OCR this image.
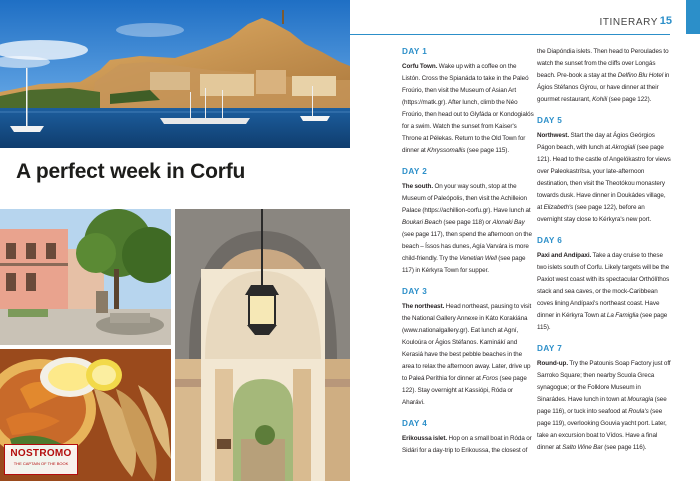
A perfect week in Corfu
NOSTROMO
THE CAPTAIN OF THE BOOK
ITINERARY 15
DAY 1
Corfu Town. Wake up with a coffee on the Listón. Cross the Spianáda to take in the Paleó Froúrio, then visit the Museum of Asian Art (https://matk.gr). After lunch, climb the Néo Froúrio, then head out to Glyfáda or Kondogialós for a swim. Watch the sunset from Kaiser's Throne at Pélekas. Return to the Old Town for dinner at Khryssomallis (see page 115).
DAY 2
The south. On your way south, stop at the Museum of Paleópolis, then visit the Achilleion Palace (https://achillion-corfu.gr). Have lunch at Boukari Beach (see page 118) or Alonaki Bay (see page 117), then spend the afternoon on the beach – Íssos has dunes, Agía Varvára is more child-friendly. Try the Venetian Well (see page 117) in Kérkyra Town for supper.
DAY 3
The northeast. Head northeast, pausing to visit the National Gallery Annexe in Káto Korakiána (www.nationalgallery.gr). Eat lunch at Agní, Kouloúra or Ágios Stéfanos. Kaminákí and Kerasiá have the best pebble beaches in the area to relax the afternoon away. Later, drive up to Paleá Períthia for dinner at Foros (see page 122). Stay overnight at Kassiópi, Róda or Aharávi.
DAY 4
Erikoussa islet. Hop on a small boat in Róda or Sidári for a day-trip to Erikoussa, the closest of
the Diapóndia islets. Then head to Peroulades to watch the sunset from the cliffs over Longás beach. Pre-book a stay at the Delfino Blu Hotel in Ágios Stéfanos Gýrou, or have dinner at their gourmet restaurant, Kohili (see page 122).
DAY 5
Northwest. Start the day at Ágios Geórgios Págon beach, with lunch at Akrogiali (see page 121). Head to the castle of Angelókastro for views over Paleokastrítsa, your late-afternoon destination, then visit the Theotókou monastery towards dusk. Have dinner in Doukádes village, at Elizabeth's (see page 122), before an overnight stay close to Kérkyra's new port.
DAY 6
Paxi and Andípaxi. Take a day cruise to these two islets south of Corfu. Likely targets will be the Paxiot west coast with its spectacular Orthólíthos stack and sea caves, or the mock-Caribbean coves lining Andípaxi's northeast coast. Have dinner in Kérkyra Town at La Famiglia (see page 115).
DAY 7
Round-up. Try the Patounis Soap Factory just off Sarroko Square; then nearby Scuola Greca synagogue; or the Folklore Museum in Sinarádes. Have lunch in town at Mouragia (see page 116), or tuck into seafood at Roula's (see page 119), overlooking Gouvia yacht port. Later, take an excursion boat to Vídos. Have a final dinner at Salto Wine Bar (see page 116).
